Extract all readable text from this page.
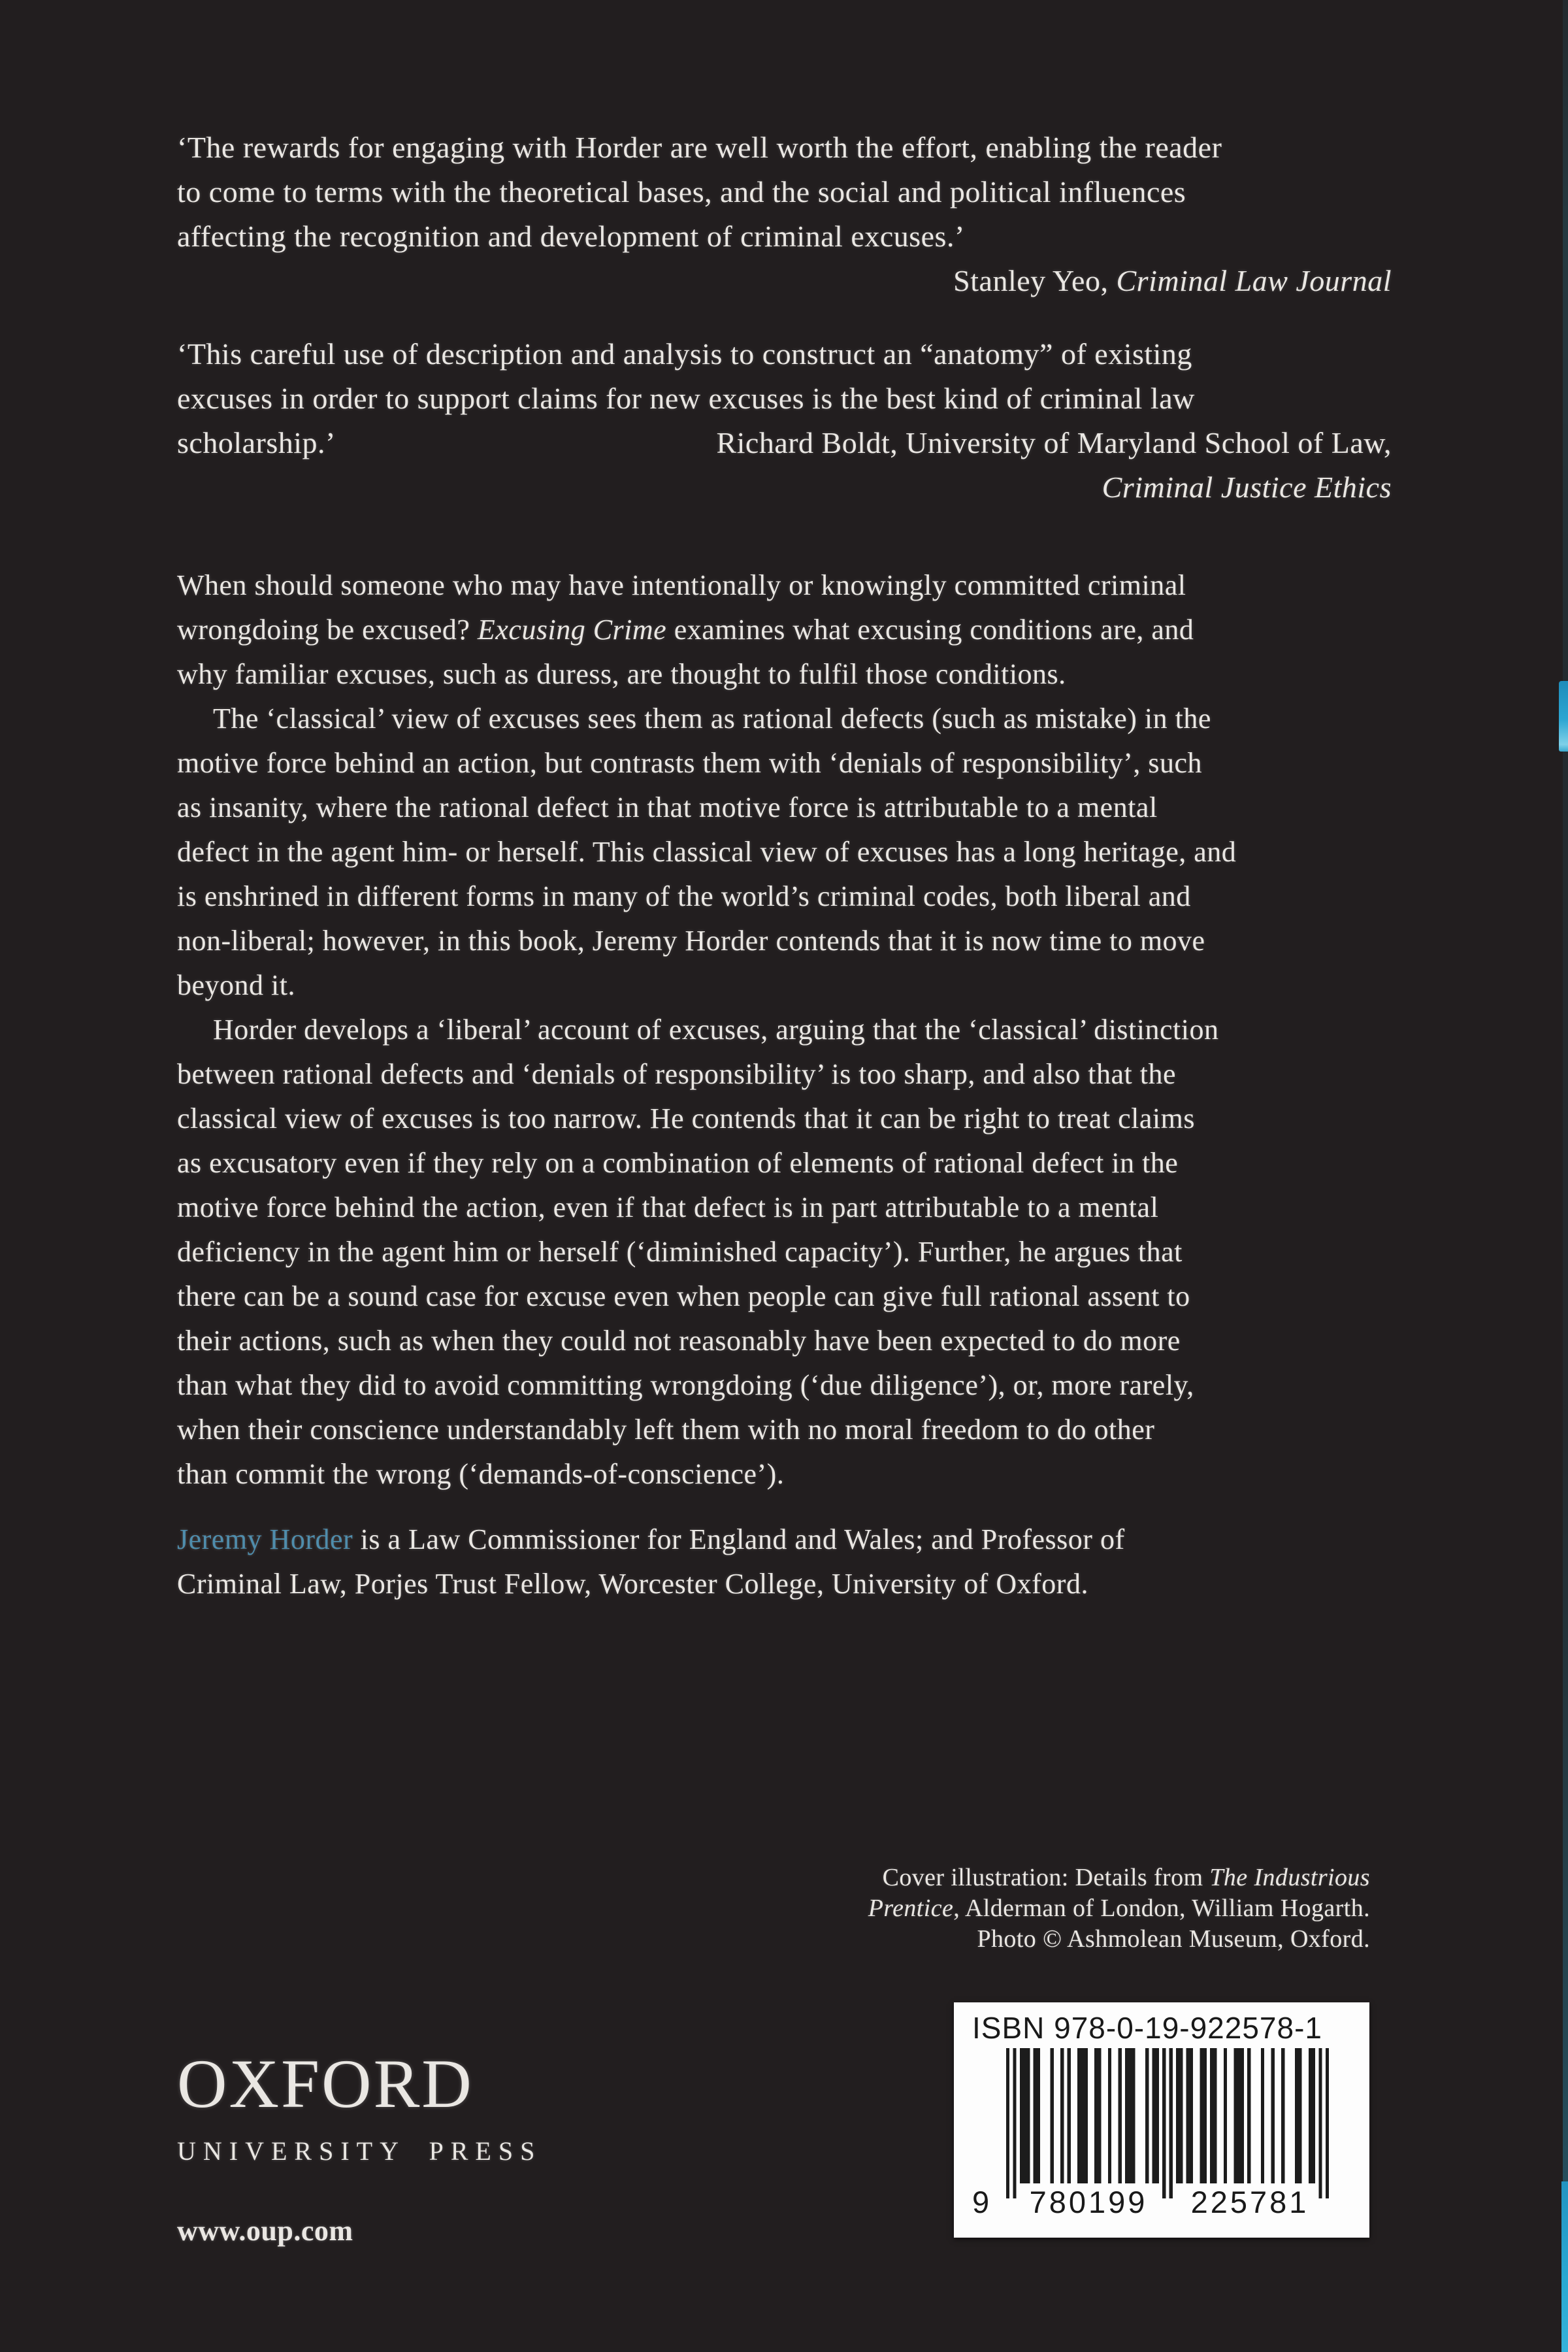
‘The rewards for engaging with Horder are well worth the effort, enabling the reader
to come to terms with the theoretical bases, and the social and political influences
affecting the recognition and development of criminal excuses.’
Stanley Yeo, Criminal Law Journal
‘This careful use of description and analysis to construct an “anatomy” of existing
excuses in order to support claims for new excuses is the best kind of criminal law
scholarship.’	Richard Boldt, University of Maryland School of Law,
Criminal Justice Ethics
When should someone who may have intentionally or knowingly committed criminal
wrongdoing be excused? Excusing Crime examines what excusing conditions are, and
why familiar excuses, such as duress, are thought to fulfil those conditions.
The ‘classical’ view of excuses sees them as rational defects (such as mistake) in the
motive force behind an action, but contrasts them with ‘denials of responsibility’, such
as insanity, where the rational defect in that motive force is attributable to a mental
defect in the agent him- or herself. This classical view of excuses has a long heritage, and
is enshrined in different forms in many of the world’s criminal codes, both liberal and
non-liberal; however, in this book, Jeremy Horder contends that it is now time to move
beyond it.
Horder develops a ‘liberal’ account of excuses, arguing that the ‘classical’ distinction
between rational defects and ‘denials of responsibility’ is too sharp, and also that the
classical view of excuses is too narrow. He contends that it can be right to treat claims
as excusatory even if they rely on a combination of elements of rational defect in the
motive force behind the action, even if that defect is in part attributable to a mental
deficiency in the agent him or herself (‘diminished capacity’). Further, he argues that
there can be a sound case for excuse even when people can give full rational assent to
their actions, such as when they could not reasonably have been expected to do more
than what they did to avoid committing wrongdoing (‘due diligence’), or, more rarely,
when their conscience understandably left them with no moral freedom to do other
than commit the wrong (‘demands-of-conscience’).
Jeremy Horder is a Law Commissioner for England and Wales; and Professor of
Criminal Law, Porjes Trust Fellow, Worcester College, University of Oxford.
Cover illustration: Details from The Industrious
Prentice, Alderman of London, William Hogarth.
Photo © Ashmolean Museum, Oxford.
OXFORD
UNIVERSITY PRESS
www.oup.com
ISBN 978-0-19-922578-1
9	780199	225781
